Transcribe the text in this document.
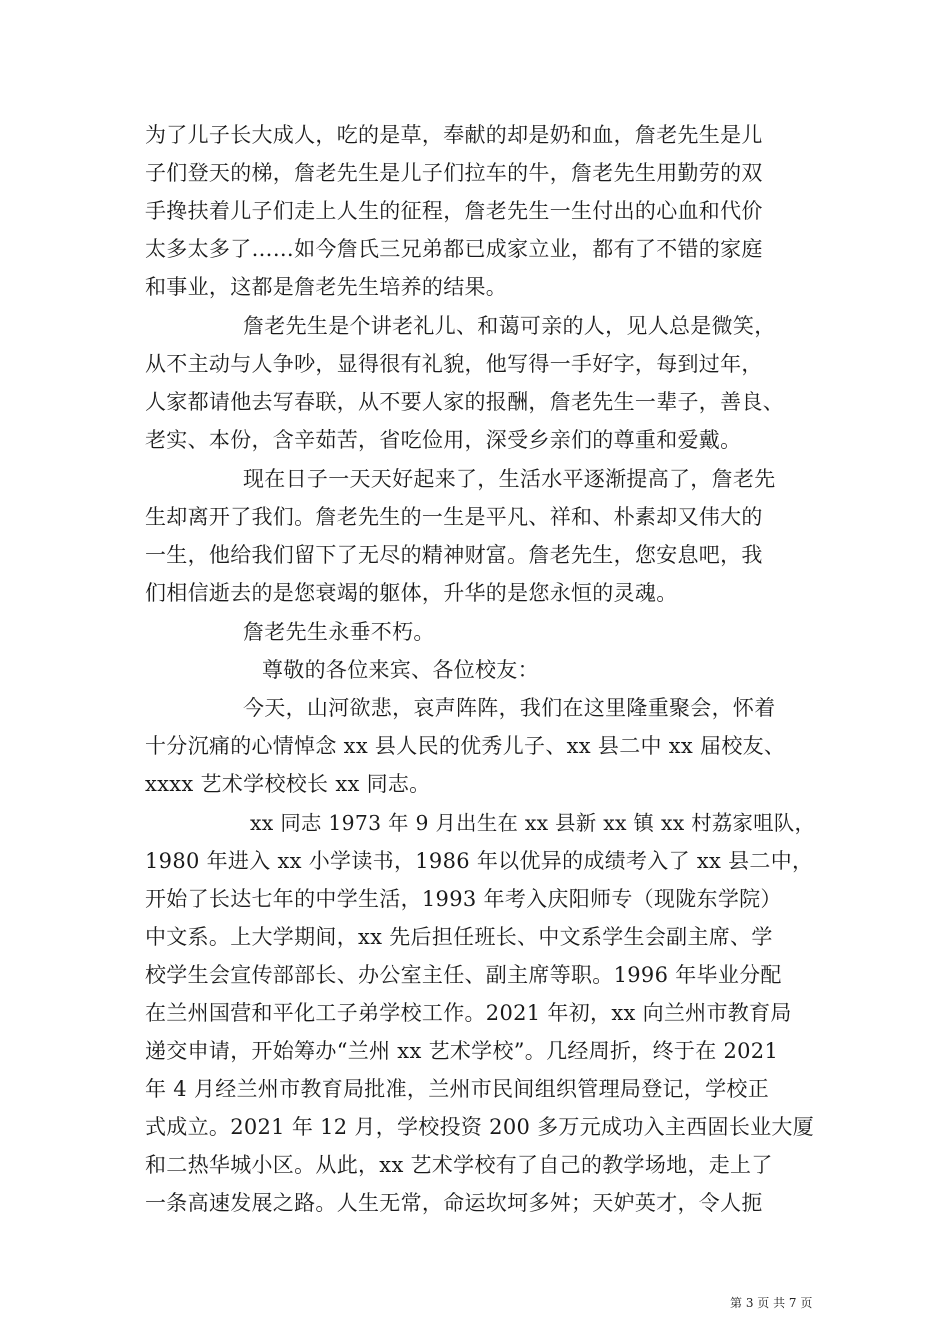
为了儿子长大成人，吃的是草，奉献的却是奶和血，詹老先生是儿
子们登天的梯，詹老先生是儿子们拉车的牛，詹老先生用勤劳的双
手搀扶着儿子们走上人生的征程，詹老先生一生付出的心血和代价
太多太多了……如今詹氏三兄弟都已成家立业，都有了不错的家庭
和事业，这都是詹老先生培养的结果。
詹老先生是个讲老礼儿、和蔼可亲的人，见人总是微笑，
从不主动与人争吵，显得很有礼貌，他写得一手好字，每到过年，
人家都请他去写春联，从不要人家的报酬，詹老先生一辈子，善良、
老实、本份，含辛茹苦，省吃俭用，深受乡亲们的尊重和爱戴。
现在日子一天天好起来了，生活水平逐渐提高了，詹老先
生却离开了我们。詹老先生的一生是平凡、祥和、朴素却又伟大的
一生，他给我们留下了无尽的精神财富。詹老先生，您安息吧，我
们相信逝去的是您衰竭的躯体，升华的是您永恒的灵魂。
詹老先生永垂不朽。
尊敬的各位来宾、各位校友：
今天，山河欲悲，哀声阵阵，我们在这里隆重聚会，怀着
十分沉痛的心情悼念 xx 县人民的优秀儿子、xx 县二中 xx 届校友、
xxxx 艺术学校校长 xx 同志。
xx 同志 1973 年 9 月出生在 xx 县新 xx 镇 xx 村荔家咀队，
1980 年进入 xx 小学读书，1986 年以优异的成绩考入了 xx 县二中，
开始了长达七年的中学生活，1993 年考入庆阳师专（现陇东学院）
中文系。上大学期间，xx 先后担任班长、中文系学生会副主席、学
校学生会宣传部部长、办公室主任、副主席等职。1996 年毕业分配
在兰州国营和平化工子弟学校工作。2021 年初，xx 向兰州市教育局
递交申请，开始筹办“兰州 xx 艺术学校”。几经周折，终于在 2021
年 4 月经兰州市教育局批准，兰州市民间组织管理局登记，学校正
式成立。2021 年 12 月，学校投资 200 多万元成功入主西固长业大厦
和二热华城小区。从此，xx 艺术学校有了自己的教学场地，走上了
一条高速发展之路。人生无常，命运坎坷多舛；天妒英才，令人扼
第 3 页 共 7 页
